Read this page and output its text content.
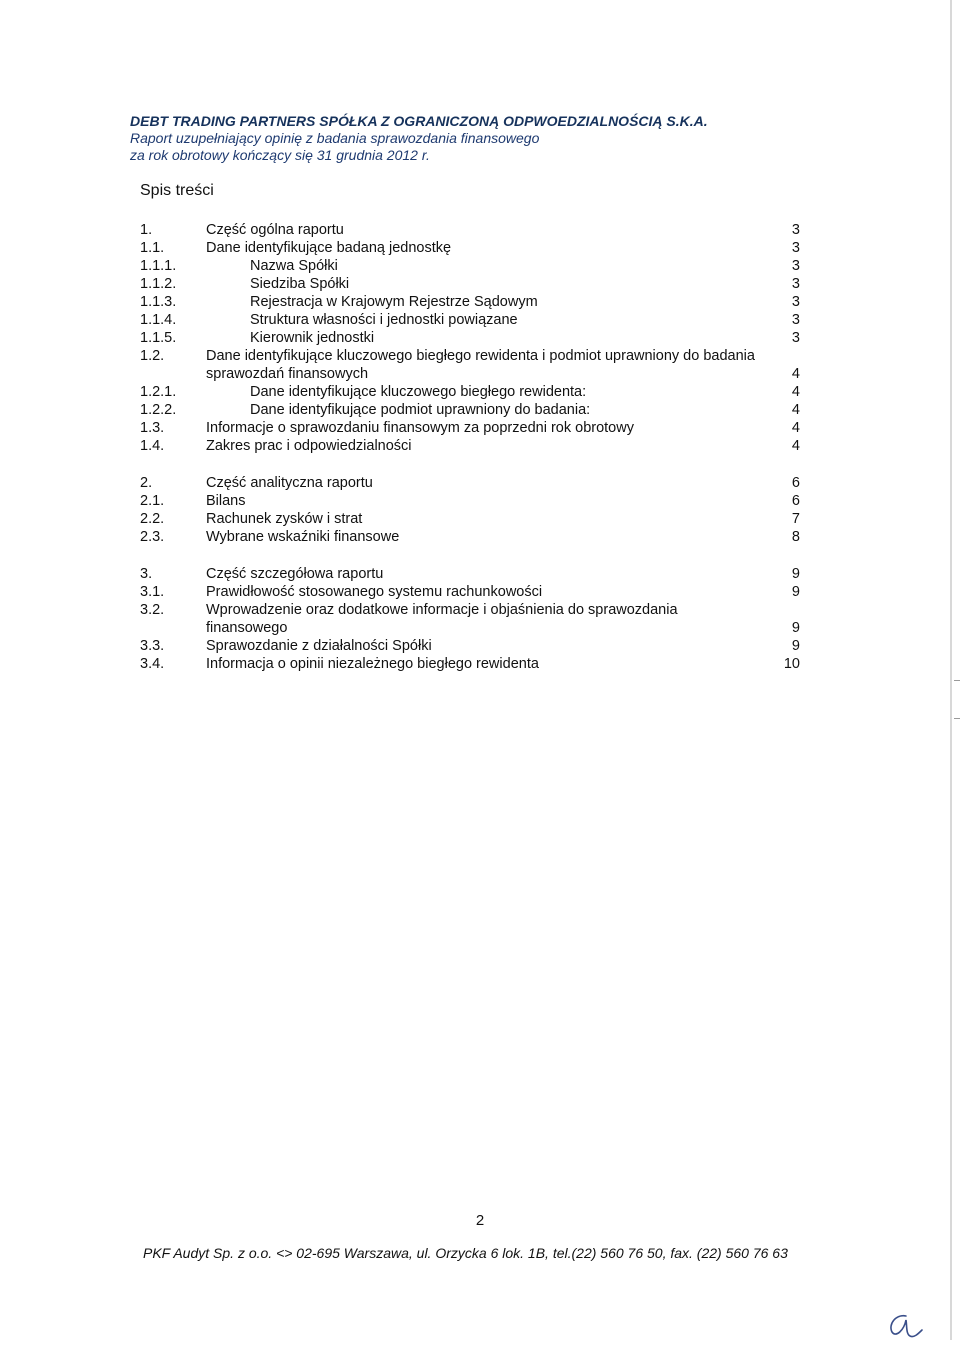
DEBT TRADING PARTNERS SPÓŁKA Z OGRANICZONĄ ODPWOEDZIALNOŚCIĄ S.K.A.
Raport uzupełniający opinię z badania sprawozdania finansowego
za rok obrotowy kończący się 31 grudnia 2012 r.
Spis treści
1.	Część ogólna raportu	3
1.1.	Dane identyfikujące badaną jednostkę	3
1.1.1.	Nazwa Spółki	3
1.1.2.	Siedziba Spółki	3
1.1.3.	Rejestracja w Krajowym Rejestrze Sądowym	3
1.1.4.	Struktura własności i jednostki powiązane	3
1.1.5.	Kierownik jednostki	3
1.2.	Dane identyfikujące kluczowego biegłego rewidenta i podmiot uprawniony do badania sprawozdań finansowych	4
1.2.1.	Dane identyfikujące kluczowego biegłego rewidenta:	4
1.2.2.	Dane identyfikujące podmiot uprawniony do badania:	4
1.3.	Informacje o sprawozdaniu finansowym za poprzedni rok obrotowy	4
1.4.	Zakres prac i odpowiedzialności	4
2.	Część analityczna raportu	6
2.1.	Bilans	6
2.2.	Rachunek zysków i strat	7
2.3.	Wybrane wskaźniki finansowe	8
3.	Część szczegółowa raportu	9
3.1.	Prawidłowość stosowanego systemu rachunkowości	9
3.2.	Wprowadzenie oraz dodatkowe informacje i objaśnienia do sprawozdania finansowego	9
3.3.	Sprawozdanie z działalności Spółki	9
3.4.	Informacja o opinii niezależnego biegłego rewidenta	10
2
PKF Audyt Sp. z o.o. <> 02-695 Warszawa, ul. Orzycka 6 lok. 1B, tel.(22) 560 76 50, fax. (22) 560 76 63
